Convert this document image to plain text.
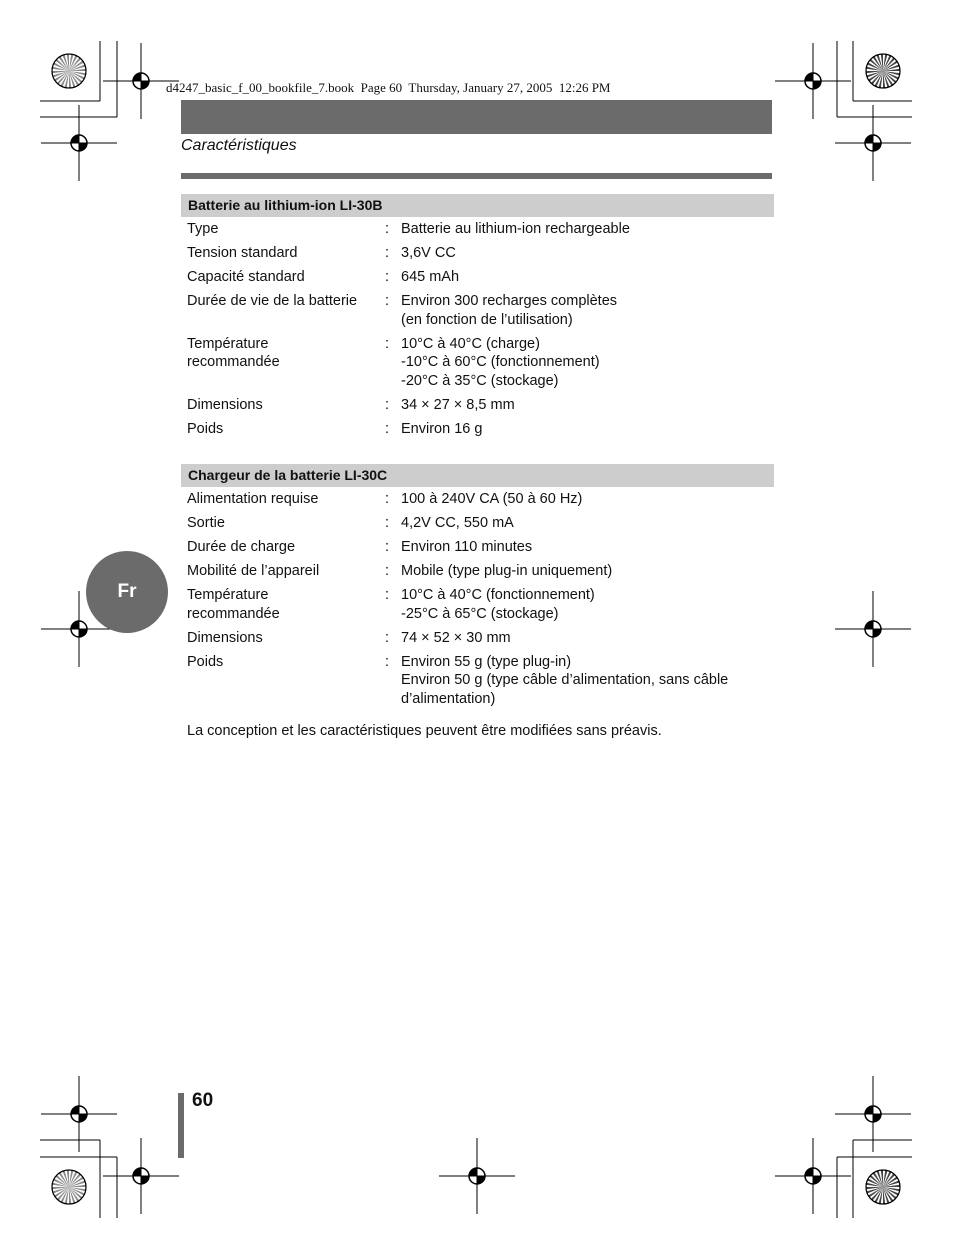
d4247_basic_f_00_bookfile_7.book  Page 60  Thursday, January 27, 2005  12:26 PM
Caractéristiques
Batterie au lithium-ion LI-30B
Type	: Batterie au lithium-ion rechargeable
Tension standard	: 3,6V CC
Capacité standard	: 645 mAh
Durée de vie de la batterie	: Environ 300 recharges complètes
(en fonction de l’utilisation)
Température
recommandée
: 10°C à 40°C (charge)
-10°C à 60°C (fonctionnement)
-20°C à 35°C (stockage)
Dimensions	: 34 × 27 × 8,5 mm
Poids	: Environ 16 g
Chargeur de la batterie LI-30C
Alimentation requise	: 100 à 240V CA (50 à 60 Hz)
Sortie	: 4,2V CC, 550 mA
Durée de charge	: Environ 110 minutes
Mobilité de l’appareil	: Mobile (type plug-in uniquement)
Température
recommandée
: 10°C à 40°C (fonctionnement)
-25°C à 65°C (stockage)
Dimensions	: 74 × 52 × 30 mm
Poids	: Environ 55 g (type plug-in)
Environ 50 g (type câble d’alimentation, sans câble
d’alimentation)
La conception et les caractéristiques peuvent être modifiées sans préavis.
Fr
60
